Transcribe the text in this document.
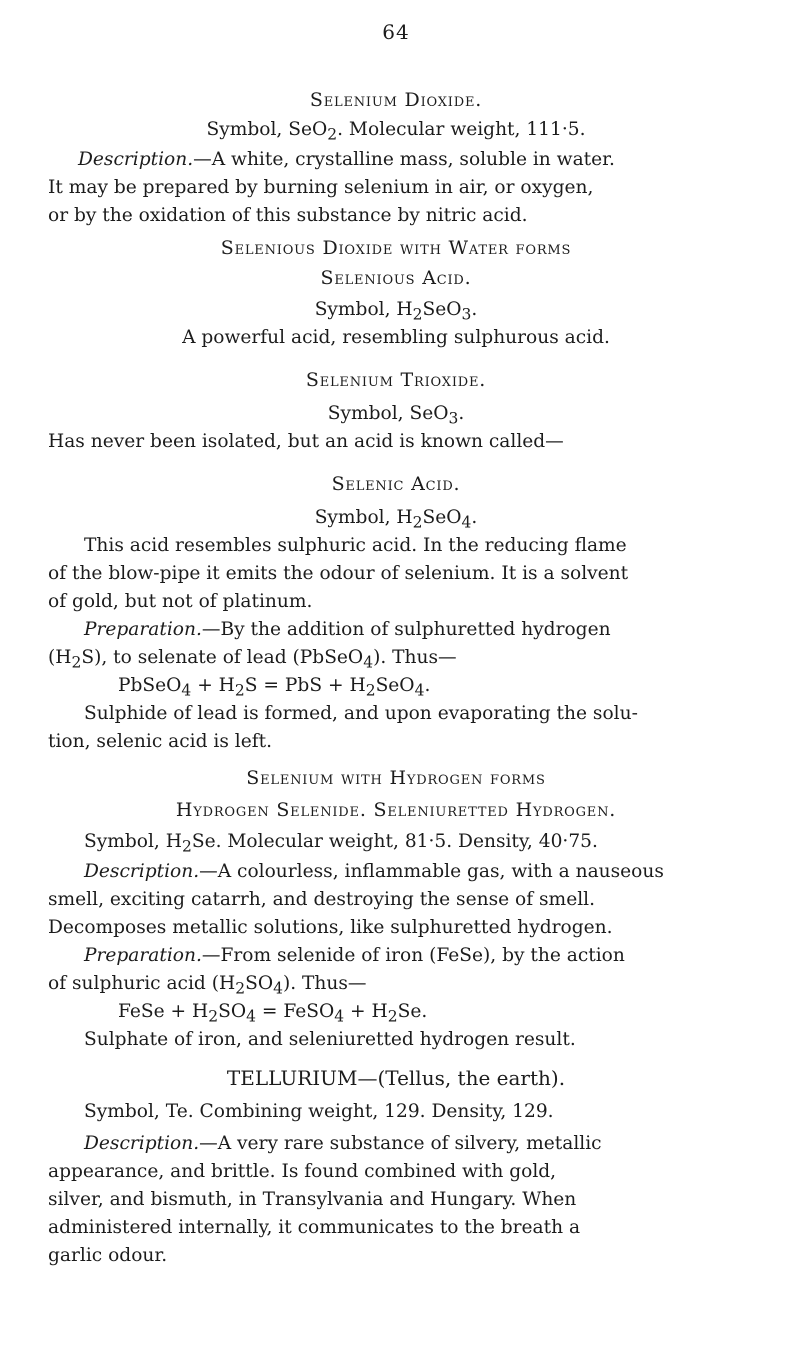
64
Selenium Dioxide.
Symbol, SeO$_2$. Molecular weight, 111·5.
Description.—A white, crystalline mass, soluble in water.
It may be prepared by burning selenium in air, or oxygen,
or by the oxidation of this substance by nitric acid.
Selenious Dioxide with Water forms
Selenious Acid.
Symbol, $H_2SeO_3$.
A powerful acid, resembling sulphurous acid.
Selenium Trioxide.
Symbol, SeO$_3$.
Has never been isolated, but an acid is known called—
Selenic Acid.
Symbol, $H_2SeO_4$.
This acid resembles sulphuric acid. In the reducing flame
of the blow-pipe it emits the odour of selenium. It is a solvent
of gold, but not of platinum.
Preparation.—By the addition of sulphuretted hydrogen
$(H_2S)$, to selenate of lead (PbSeO$_4$). Thus—
PbSeO$_4$ + $H_2S$ = PbS + $H_2SeO_4$.
Sulphide of lead is formed, and upon evaporating the solu-
tion, selenic acid is left.
Selenium with Hydrogen forms
Hydrogen Selenide. Seleniuretted Hydrogen.
Symbol, $H_2Se$. Molecular weight, 81·5. Density, 40·75.
Description.—A colourless, inflammable gas, with a nauseous
smell, exciting catarrh, and destroying the sense of smell.
Decomposes metallic solutions, like sulphuretted hydrogen.
Preparation.—From selenide of iron (FeSe), by the action
of sulphuric acid $(H_2SO_4)$. Thus—
FeSe + $H_2SO_4$ = FeSO$_4$ + $H_2Se$.
Sulphate of iron, and seleniuretted hydrogen result.
TELLURIUM—(Tellus, the earth).
Symbol, Te. Combining weight, 129. Density, 129.
Description.—A very rare substance of silvery, metallic
appearance, and brittle. Is found combined with gold,
silver, and bismuth, in Transylvania and Hungary. When
administered internally, it communicates to the breath a
garlic odour.
